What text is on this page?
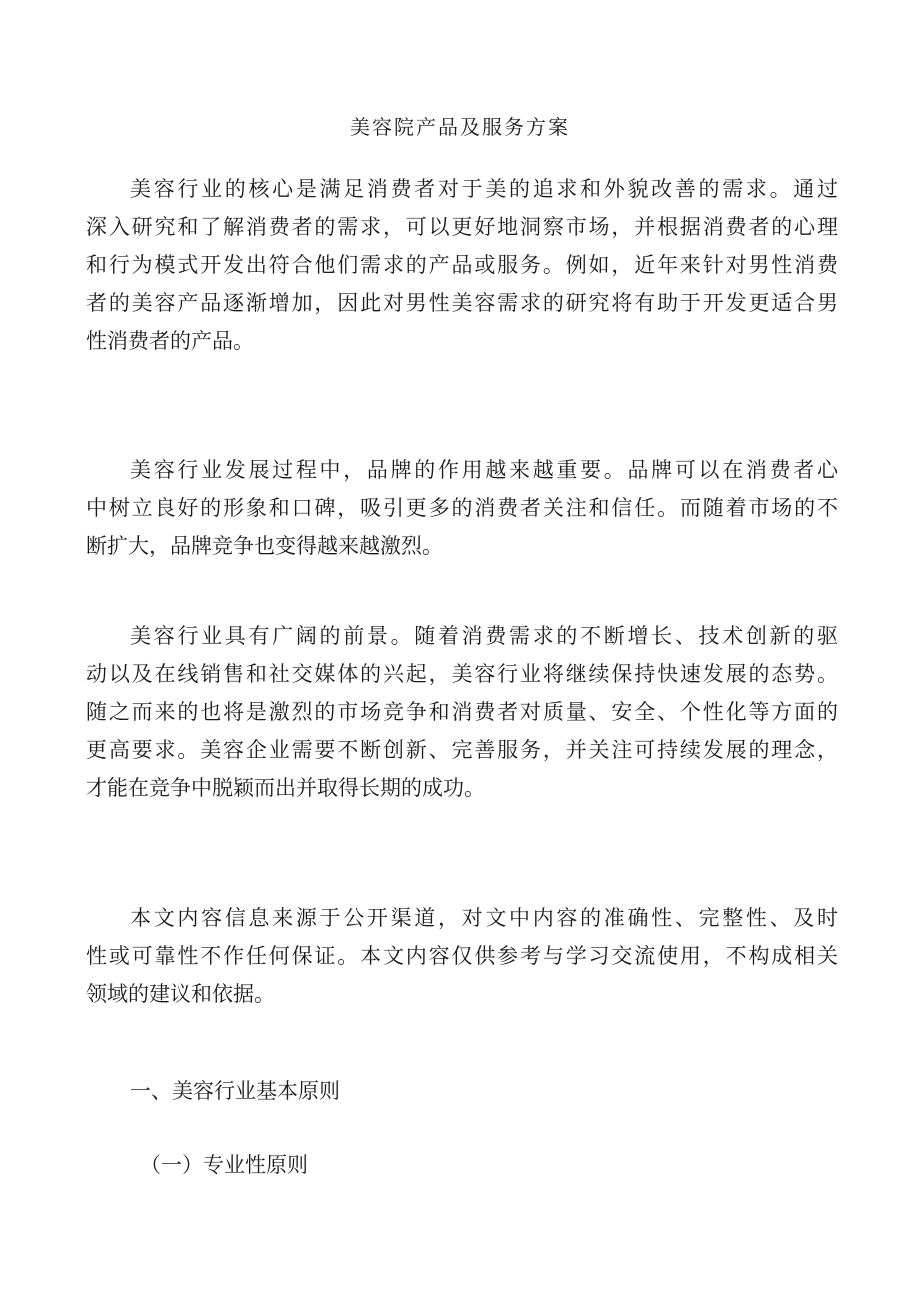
美容院产品及服务方案
美容行业的核心是满足消费者对于美的追求和外貌改善的需求。通过
深入研究和了解消费者的需求，可以更好地洞察市场，并根据消费者的心理
和行为模式开发出符合他们需求的产品或服务。例如，近年来针对男性消费
者的美容产品逐渐增加，因此对男性美容需求的研究将有助于开发更适合男
性消费者的产品。
美容行业发展过程中，品牌的作用越来越重要。品牌可以在消费者心
中树立良好的形象和口碑，吸引更多的消费者关注和信任。而随着市场的不
断扩大，品牌竞争也变得越来越激烈。
美容行业具有广阔的前景。随着消费需求的不断增长、技术创新的驱
动以及在线销售和社交媒体的兴起，美容行业将继续保持快速发展的态势。
随之而来的也将是激烈的市场竞争和消费者对质量、安全、个性化等方面的
更高要求。美容企业需要不断创新、完善服务，并关注可持续发展的理念，
才能在竞争中脱颖而出并取得长期的成功。
本文内容信息来源于公开渠道，对文中内容的准确性、完整性、及时
性或可靠性不作任何保证。本文内容仅供参考与学习交流使用，不构成相关
领域的建议和依据。
一、美容行业基本原则
（一）专业性原则
